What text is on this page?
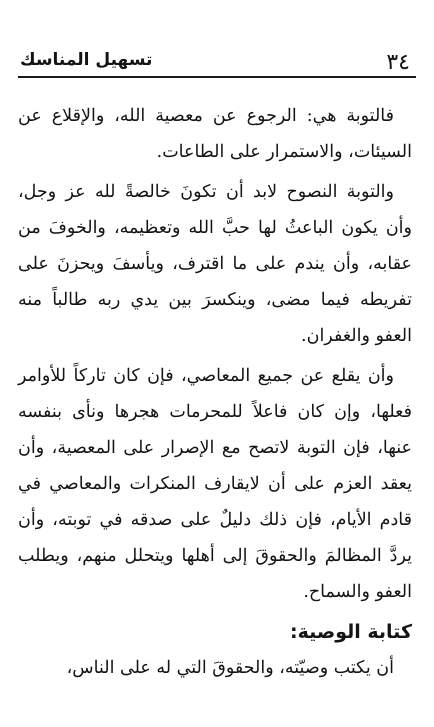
٣٤
تسهيل المناسك

فالتوبة هي: الرجوع عن معصية الله، والإقلاع عن السيئات، والاستمرار على الطاعات.

والتوبة النصوح لابد أن تكونَ خالصةً لله عز وجل، وأن يكون الباعثُ لها حبَّ الله وتعظيمه، والخوفَ من عقابه، وأن يندم على ما اقترف، ويأسفَ ويحزنَ على تفريطه فيما مضى، وينكسرَ بين يدي ربه طالباً منه العفو والغفران.

وأن يقلع عن جميع المعاصي، فإن كان تاركاً للأوامر فعلها، وإن كان فاعلاً للمحرمات هجرها ونأى بنفسه عنها، فإن التوبة لاتصح مع الإصرار على المعصية، وأن يعقد العزم على أن لايقارف المنكرات والمعاصي في قادم الأيام، فإن ذلك دليلٌ على صدقه في توبته، وأن يردَّ المظالمَ والحقوقَ إلى أهلها ويتحلل منهم، ويطلب العفو والسماح.

كتابة الوصية:

أن يكتب وصيّته، والحقوقَ التي له على الناس،
